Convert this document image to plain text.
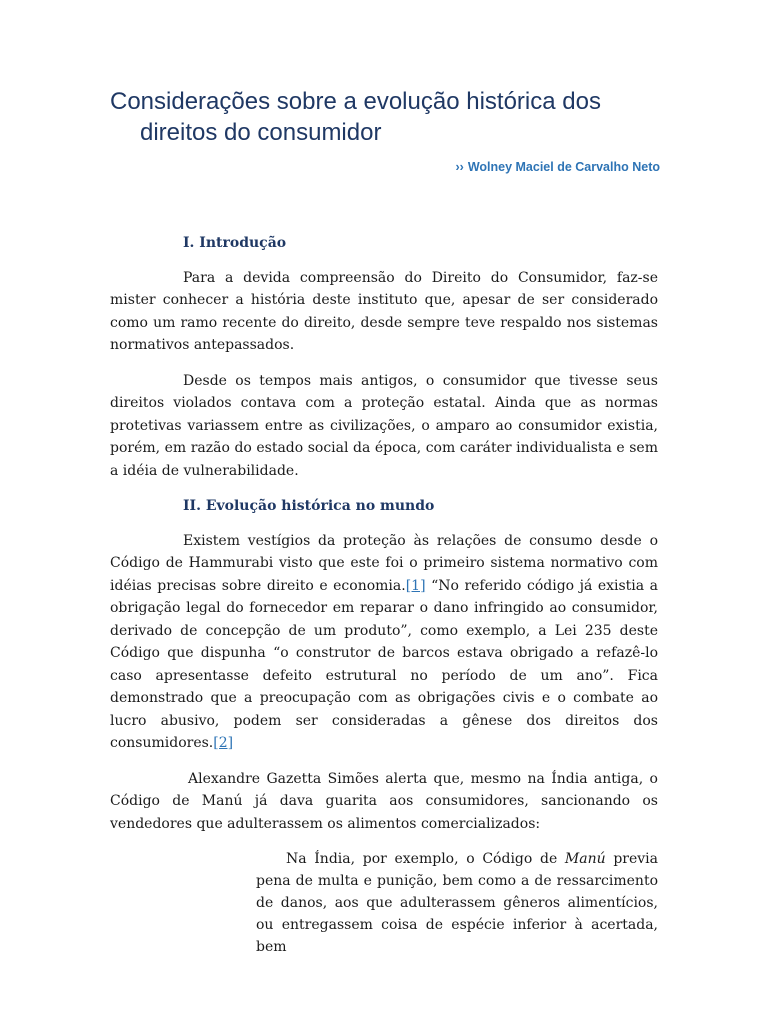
Considerações sobre a evolução histórica dos
direitos do consumidor
›› Wolney Maciel de Carvalho Neto
I. Introdução

Para a devida compreensão do Direito do Consumidor, faz-se mister conhecer a história deste instituto que, apesar de ser considerado como um ramo recente do direito, desde sempre teve respaldo nos sistemas normativos antepassados.

Desde os tempos mais antigos, o consumidor que tivesse seus direitos violados contava com a proteção estatal. Ainda que as normas protetivas variassem entre as civilizações, o amparo ao consumidor existia, porém, em razão do estado social da época, com caráter individualista e sem a idéia de vulnerabilidade.

II. Evolução histórica no mundo

Existem vestígios da proteção às relações de consumo desde o Código de Hammurabi visto que este foi o primeiro sistema normativo com idéias precisas sobre direito e economia.[1] “No referido código já existia a obrigação legal do fornecedor em reparar o dano infringido ao consumidor, derivado de concepção de um produto”, como exemplo, a Lei 235 deste Código que dispunha “o construtor de barcos estava obrigado a refazê-lo caso apresentasse defeito estrutural no período de um ano”. Fica demonstrado que a preocupação com as obrigações civis e o combate ao lucro abusivo, podem ser consideradas a gênese dos direitos dos consumidores.[2]

Alexandre Gazetta Simões alerta que, mesmo na Índia antiga, o Código de Manú já dava guarita aos consumidores, sancionando os vendedores que adulterassem os alimentos comercializados:

Na Índia, por exemplo, o Código de Manú previa pena de multa e punição, bem como a de ressarcimento de danos, aos que adulterassem gêneros alimentícios, ou entregassem coisa de espécie inferior à acertada, bem
